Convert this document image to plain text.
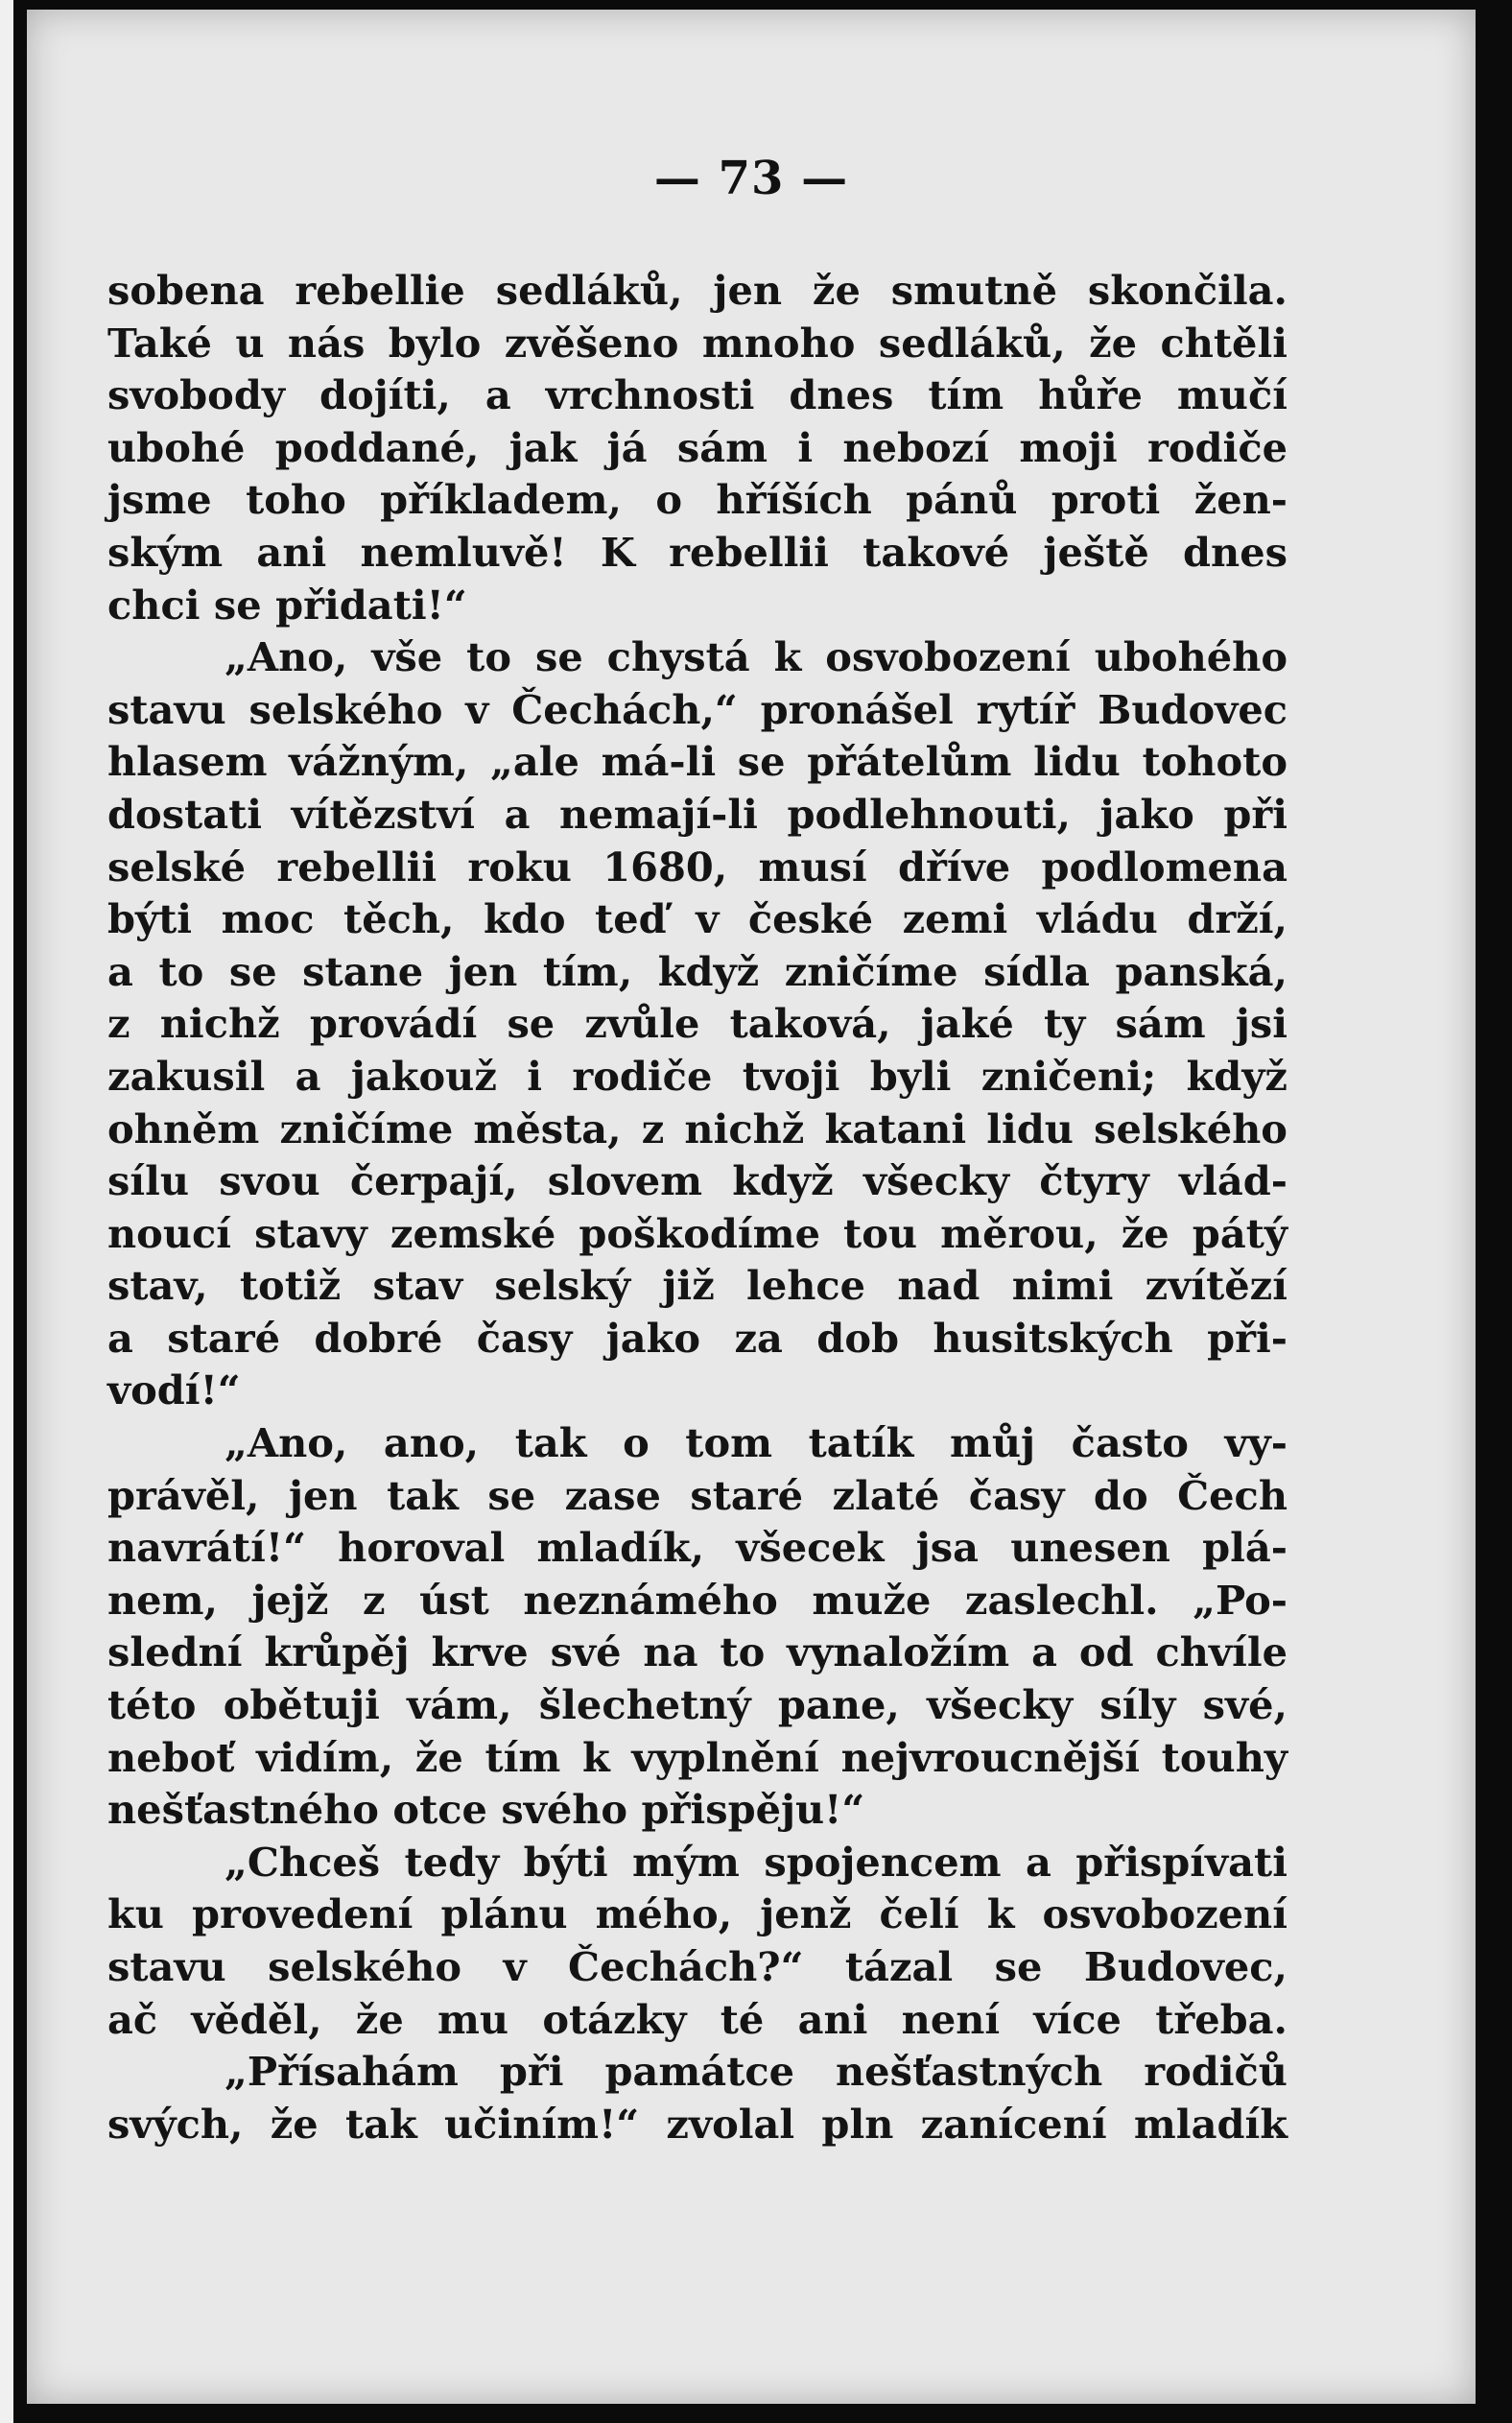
— 73 —
sobena rebellie sedláků, jen že smutně skončila.
Také u nás bylo zvěšeno mnoho sedláků, že chtěli
svobody dojíti, a vrchnosti dnes tím hůře mučí
ubohé poddané, jak já sám i nebozí moji rodiče
jsme toho příkladem, o hříších pánů proti žen-
ským ani nemluvě! K rebellii takové ještě dnes
chci se přidati!“
„Ano, vše to se chystá k osvobození ubohého
stavu selského v Čechách,“ pronášel rytíř Budovec
hlasem vážným, „ale má-li se přátelům lidu tohoto
dostati vítězství a nemají-li podlehnouti, jako při
selské rebellii roku 1680, musí dříve podlomena
býti moc těch, kdo teď v české zemi vládu drží,
a to se stane jen tím, když zničíme sídla panská,
z nichž provádí se zvůle taková, jaké ty sám jsi
zakusil a jakouž i rodiče tvoji byli zničeni; když
ohněm zničíme města, z nichž katani lidu selského
sílu svou čerpají, slovem když všecky čtyry vlád-
noucí stavy zemské poškodíme tou měrou, že pátý
stav, totiž stav selský již lehce nad nimi zvítězí
a staré dobré časy jako za dob husitských při-
vodí!“
„Ano, ano, tak o tom tatík můj často vy-
právěl, jen tak se zase staré zlaté časy do Čech
navrátí!“ horoval mladík, všecek jsa unesen plá-
nem, jejž z úst neznámého muže zaslechl. „Po-
slední krůpěj krve své na to vynaložím a od chvíle
této obětuji vám, šlechetný pane, všecky síly své,
neboť vidím, že tím k vyplnění nejvroucnější touhy
nešťastného otce svého přispěju!“
„Chceš tedy býti mým spojencem a přispívati
ku provedení plánu mého, jenž čelí k osvobození
stavu selského v Čechách?“ tázal se Budovec,
ač věděl, že mu otázky té ani není více třeba.
„Přísahám při památce nešťastných rodičů
svých, že tak učiním!“ zvolal pln zanícení mladík
